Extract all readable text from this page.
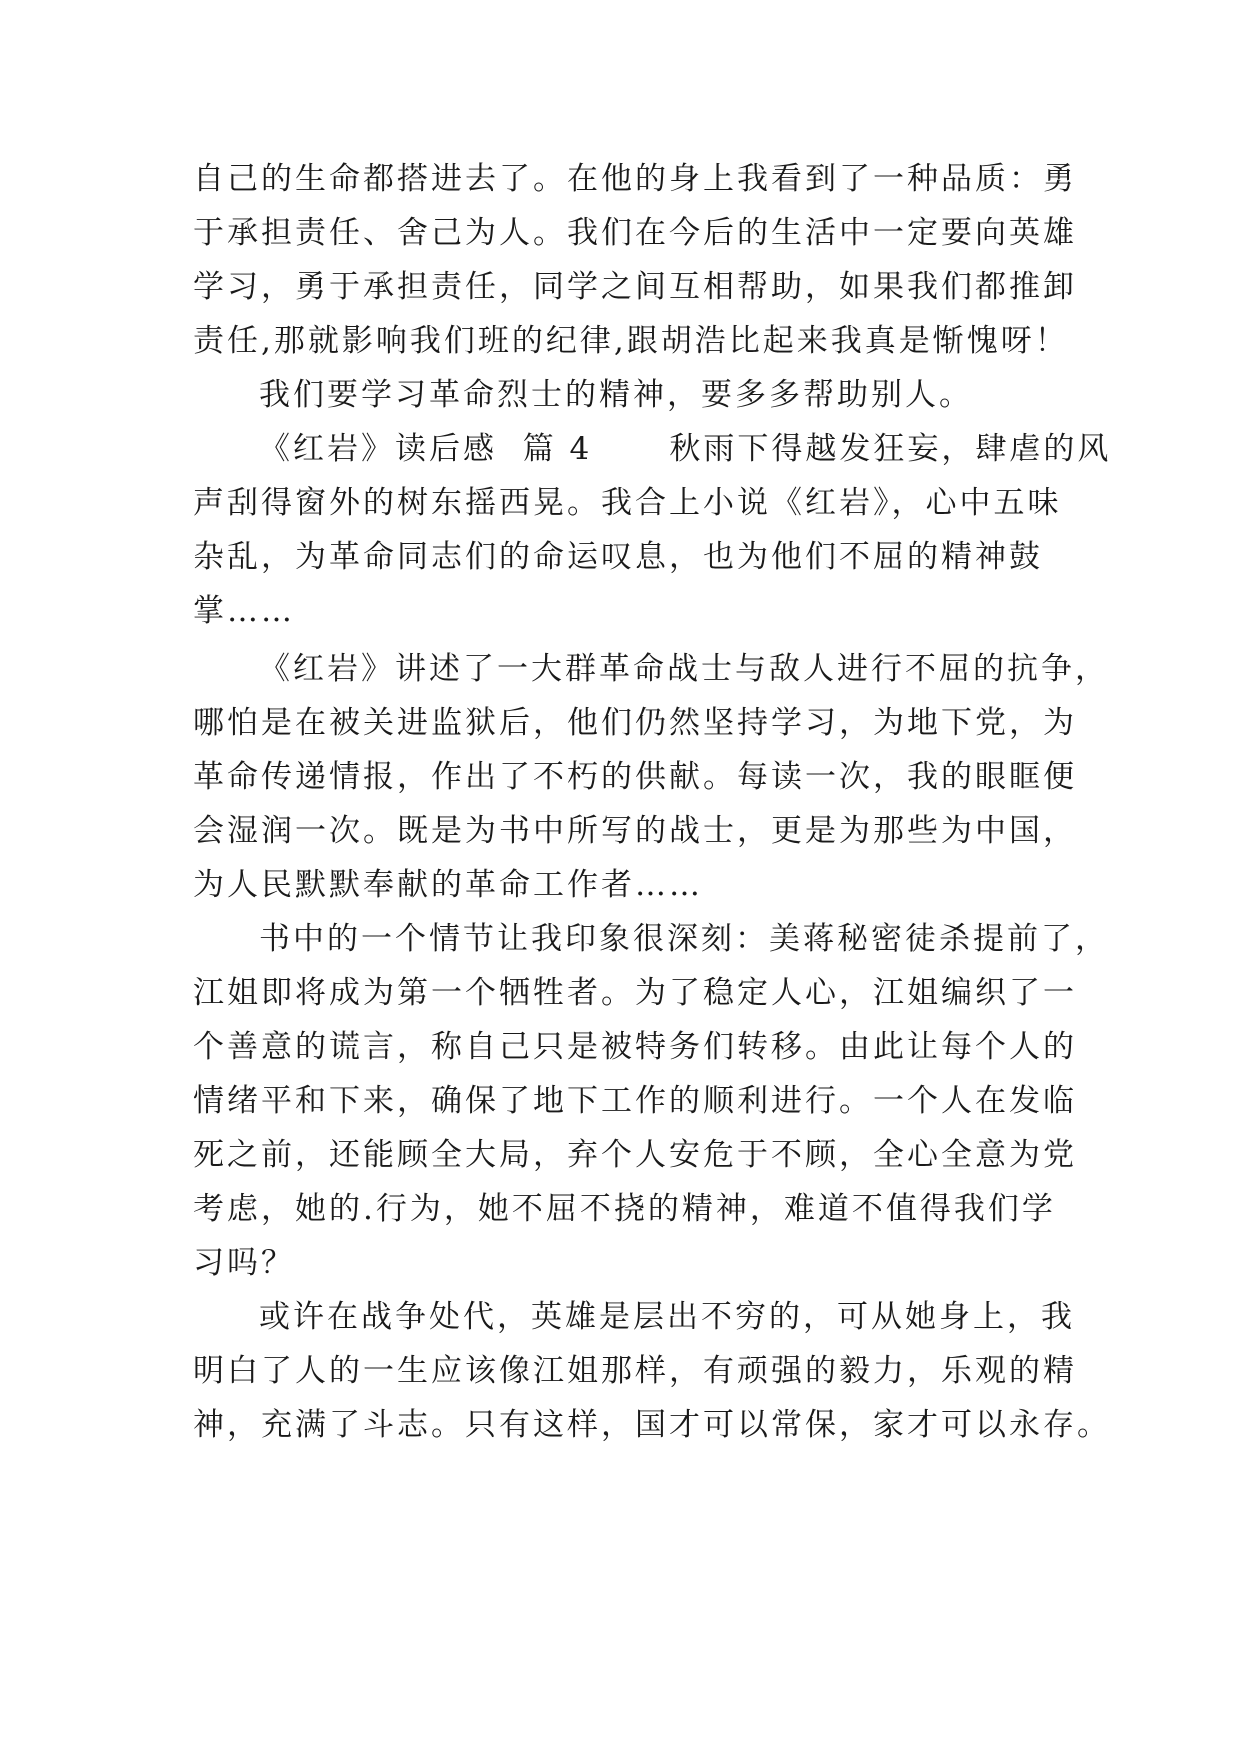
自己的生命都搭进去了。在他的身上我看到了一种品质：勇
于承担责任、舍己为人。我们在今后的生活中一定要向英雄
学习，勇于承担责任，同学之间互相帮助，如果我们都推卸
责任,那就影响我们班的纪律,跟胡浩比起来我真是惭愧呀！
我们要学习革命烈士的精神，要多多帮助别人。
《红岩》读后感  篇 4      秋雨下得越发狂妄，肆虐的风
声刮得窗外的树东摇西晃。我合上小说《红岩》，心中五味
杂乱，为革命同志们的命运叹息，也为他们不屈的精神鼓
掌……
《红岩》讲述了一大群革命战士与敌人进行不屈的抗争，
哪怕是在被关进监狱后，他们仍然坚持学习，为地下党，为
革命传递情报，作出了不朽的供献。每读一次，我的眼眶便
会湿润一次。既是为书中所写的战士，更是为那些为中国，
为人民默默奉献的革命工作者……
书中的一个情节让我印象很深刻：美蒋秘密徒杀提前了，
江姐即将成为第一个牺牲者。为了稳定人心，江姐编织了一
个善意的谎言，称自己只是被特务们转移。由此让每个人的
情绪平和下来，确保了地下工作的顺利进行。一个人在发临
死之前，还能顾全大局，弃个人安危于不顾，全心全意为党
考虑，她的.行为，她不屈不挠的精神，难道不值得我们学
习吗？
或许在战争处代，英雄是层出不穷的，可从她身上，我
明白了人的一生应该像江姐那样，有顽强的毅力，乐观的精
神，充满了斗志。只有这样，国才可以常保，家才可以永存。
